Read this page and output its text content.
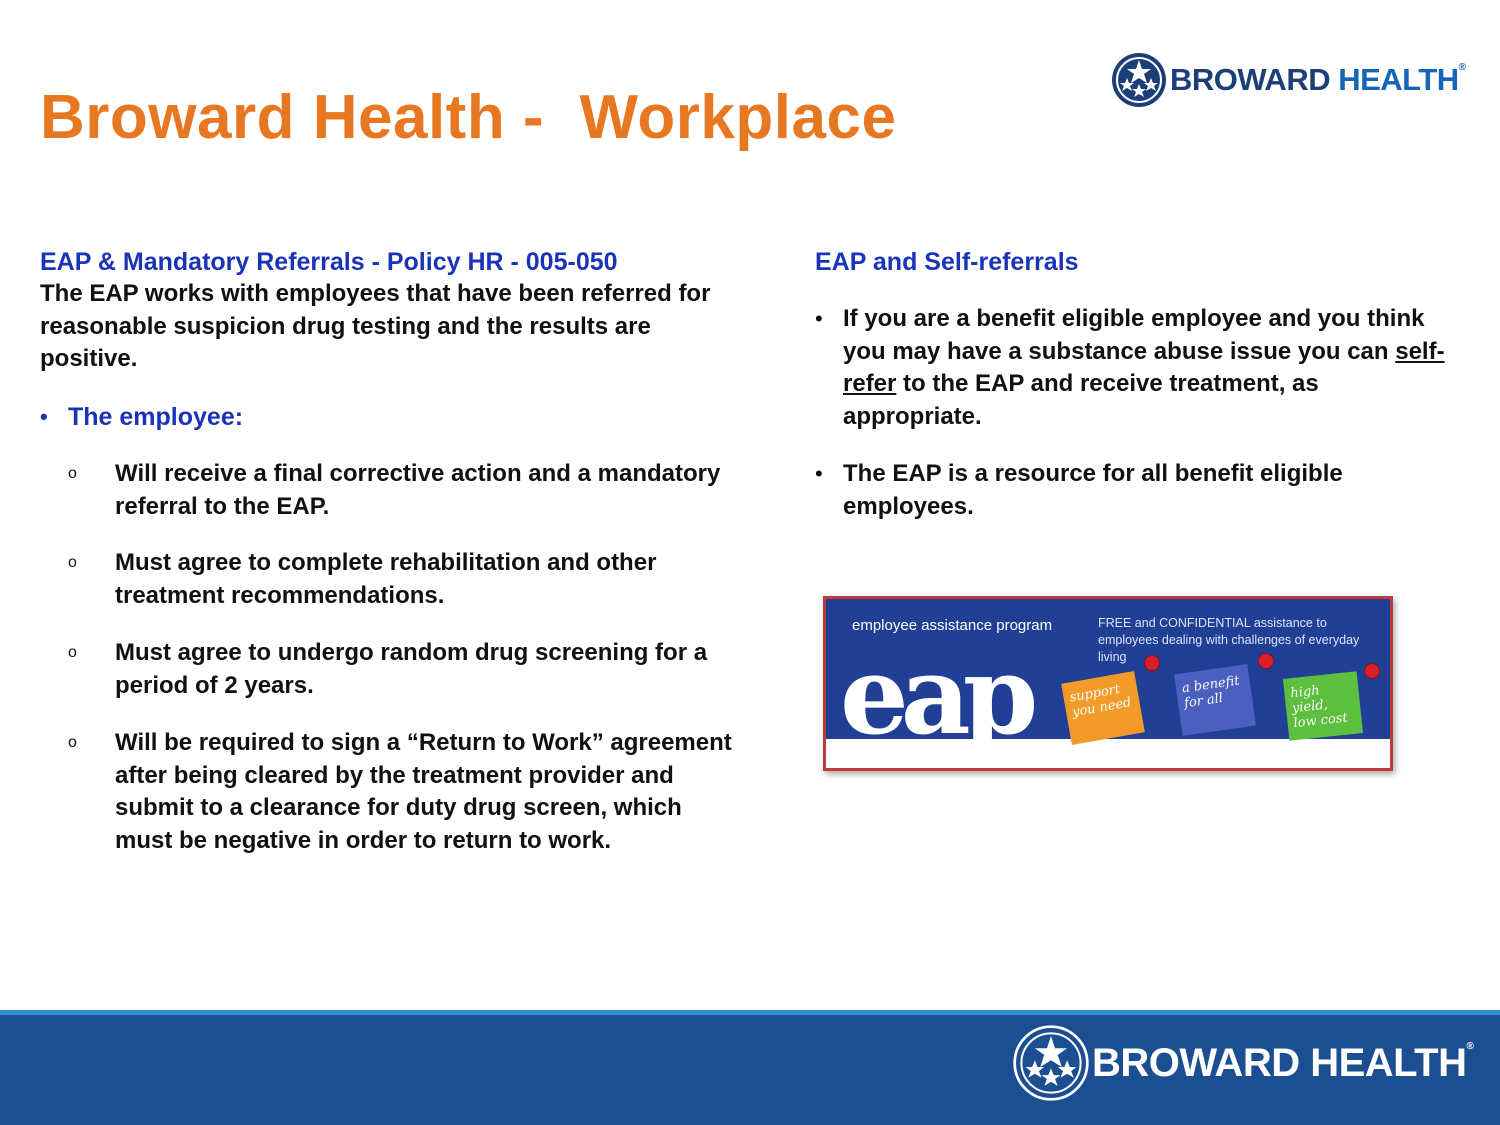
Broward Health -  Workplace
BROWARD HEALTH®
EAP & Mandatory Referrals - Policy HR - 005-050
The EAP works with employees that have been referred for reasonable suspicion drug testing and the results are positive.
• The employee:
o	Will receive a final corrective action and a mandatory referral to the EAP.
o	Must agree to complete rehabilitation and other treatment recommendations.
o	Must agree to undergo random drug screening for a period of 2 years.
o	Will be required to sign a “Return to Work” agreement after being cleared by the treatment provider and submit to a clearance for duty drug screen, which must be negative in order to return to work.
EAP and Self-referrals
• If you are a benefit eligible employee and you think you may have a substance abuse issue you can self-refer to the EAP and receive treatment, as appropriate.
• The EAP is a resource for all benefit eligible employees.
employee assistance program
eap
FREE and CONFIDENTIAL assistance to employees dealing with challenges of everyday living
support you need
a benefit for all	high yield, low cost
BROWARD HEALTH®
